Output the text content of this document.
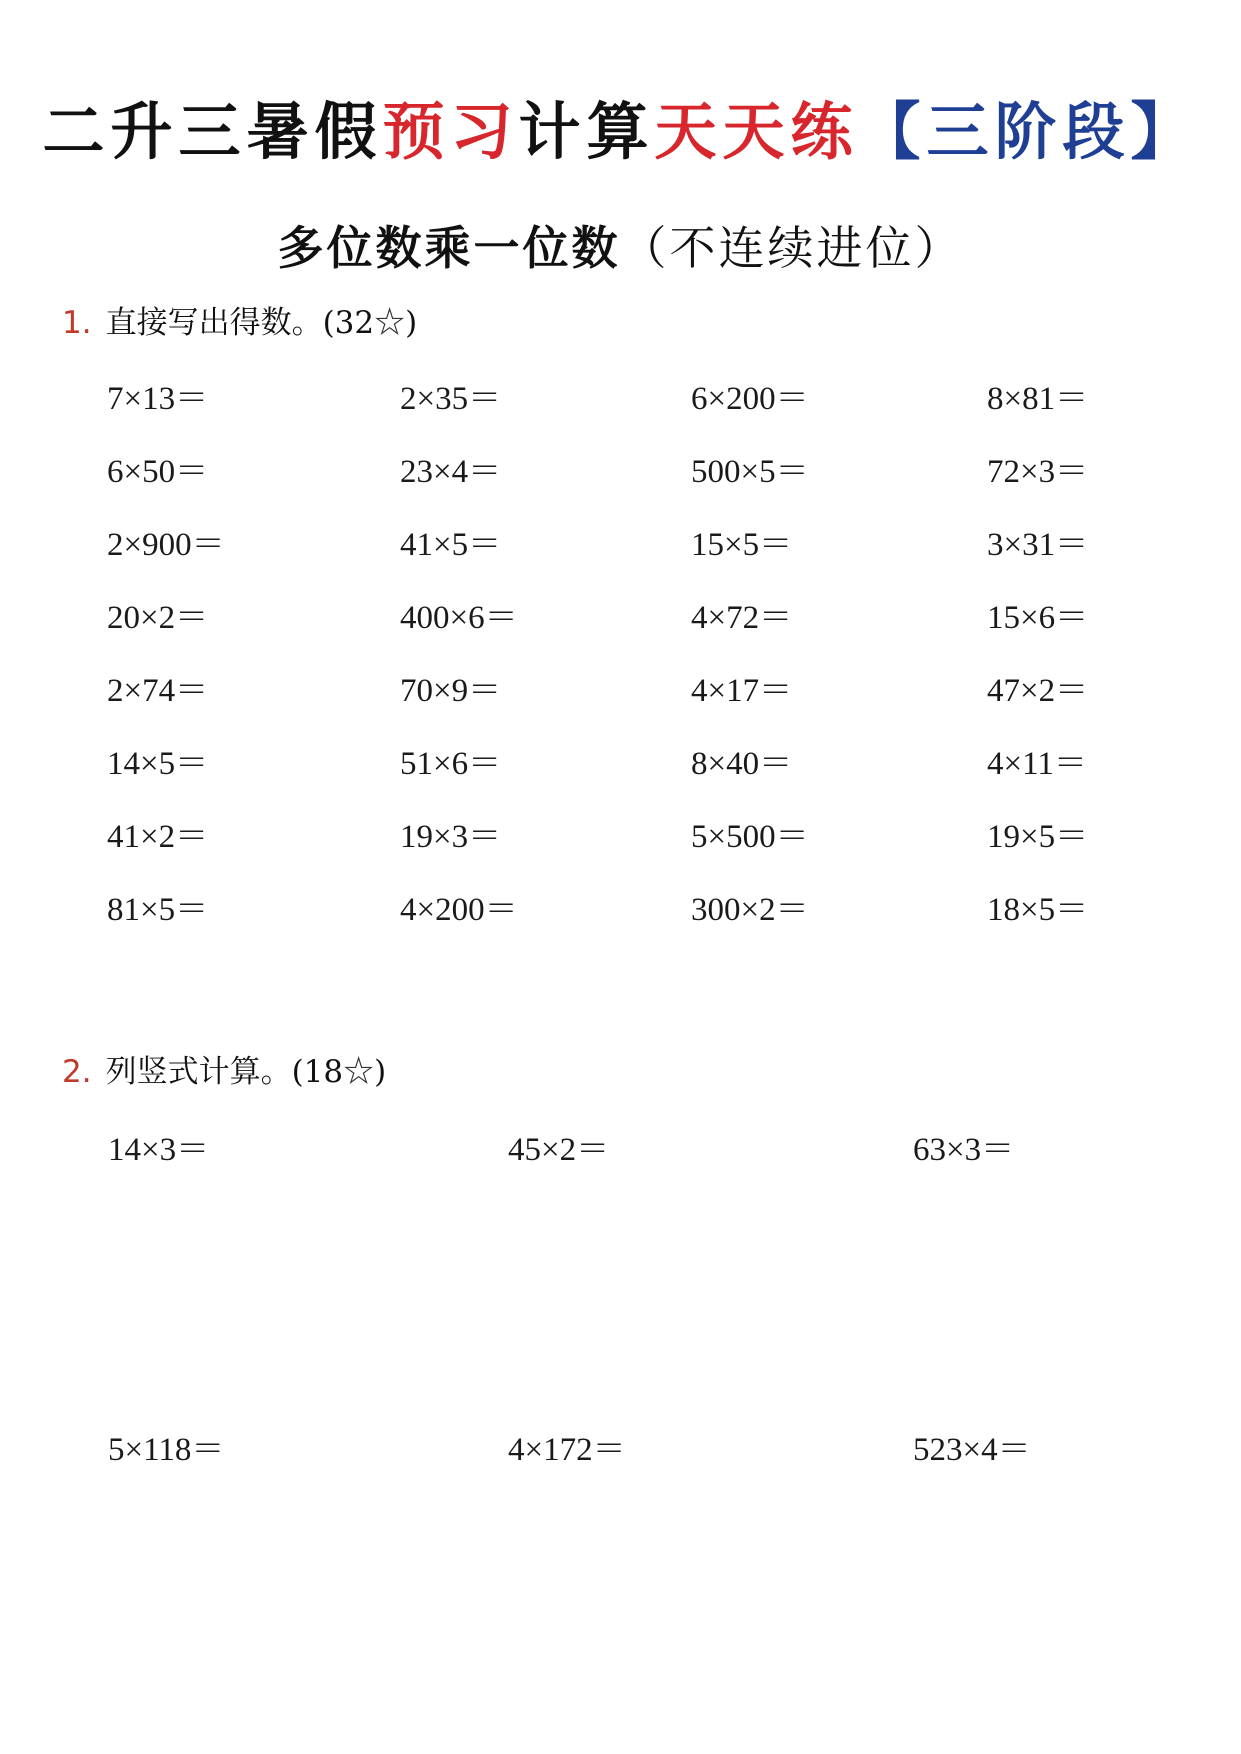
二升三暑假预习计算天天练【三阶段】
多位数乘一位数（不连续进位）
1. 直接写出得数。(32☆)
7×13＝	2×35＝	6×200＝	8×81＝
6×50＝	23×4＝	500×5＝	72×3＝
2×900＝	41×5＝	15×5＝	3×31＝
20×2＝	400×6＝	4×72＝	15×6＝
2×74＝	70×9＝	4×17＝	47×2＝
14×5＝	51×6＝	8×40＝	4×11＝
41×2＝	19×3＝	5×500＝	19×5＝
81×5＝	4×200＝	300×2＝	18×5＝
2. 列竖式计算。(18☆)
14×3＝	45×2＝	63×3＝
5×118＝	4×172＝	523×4＝
